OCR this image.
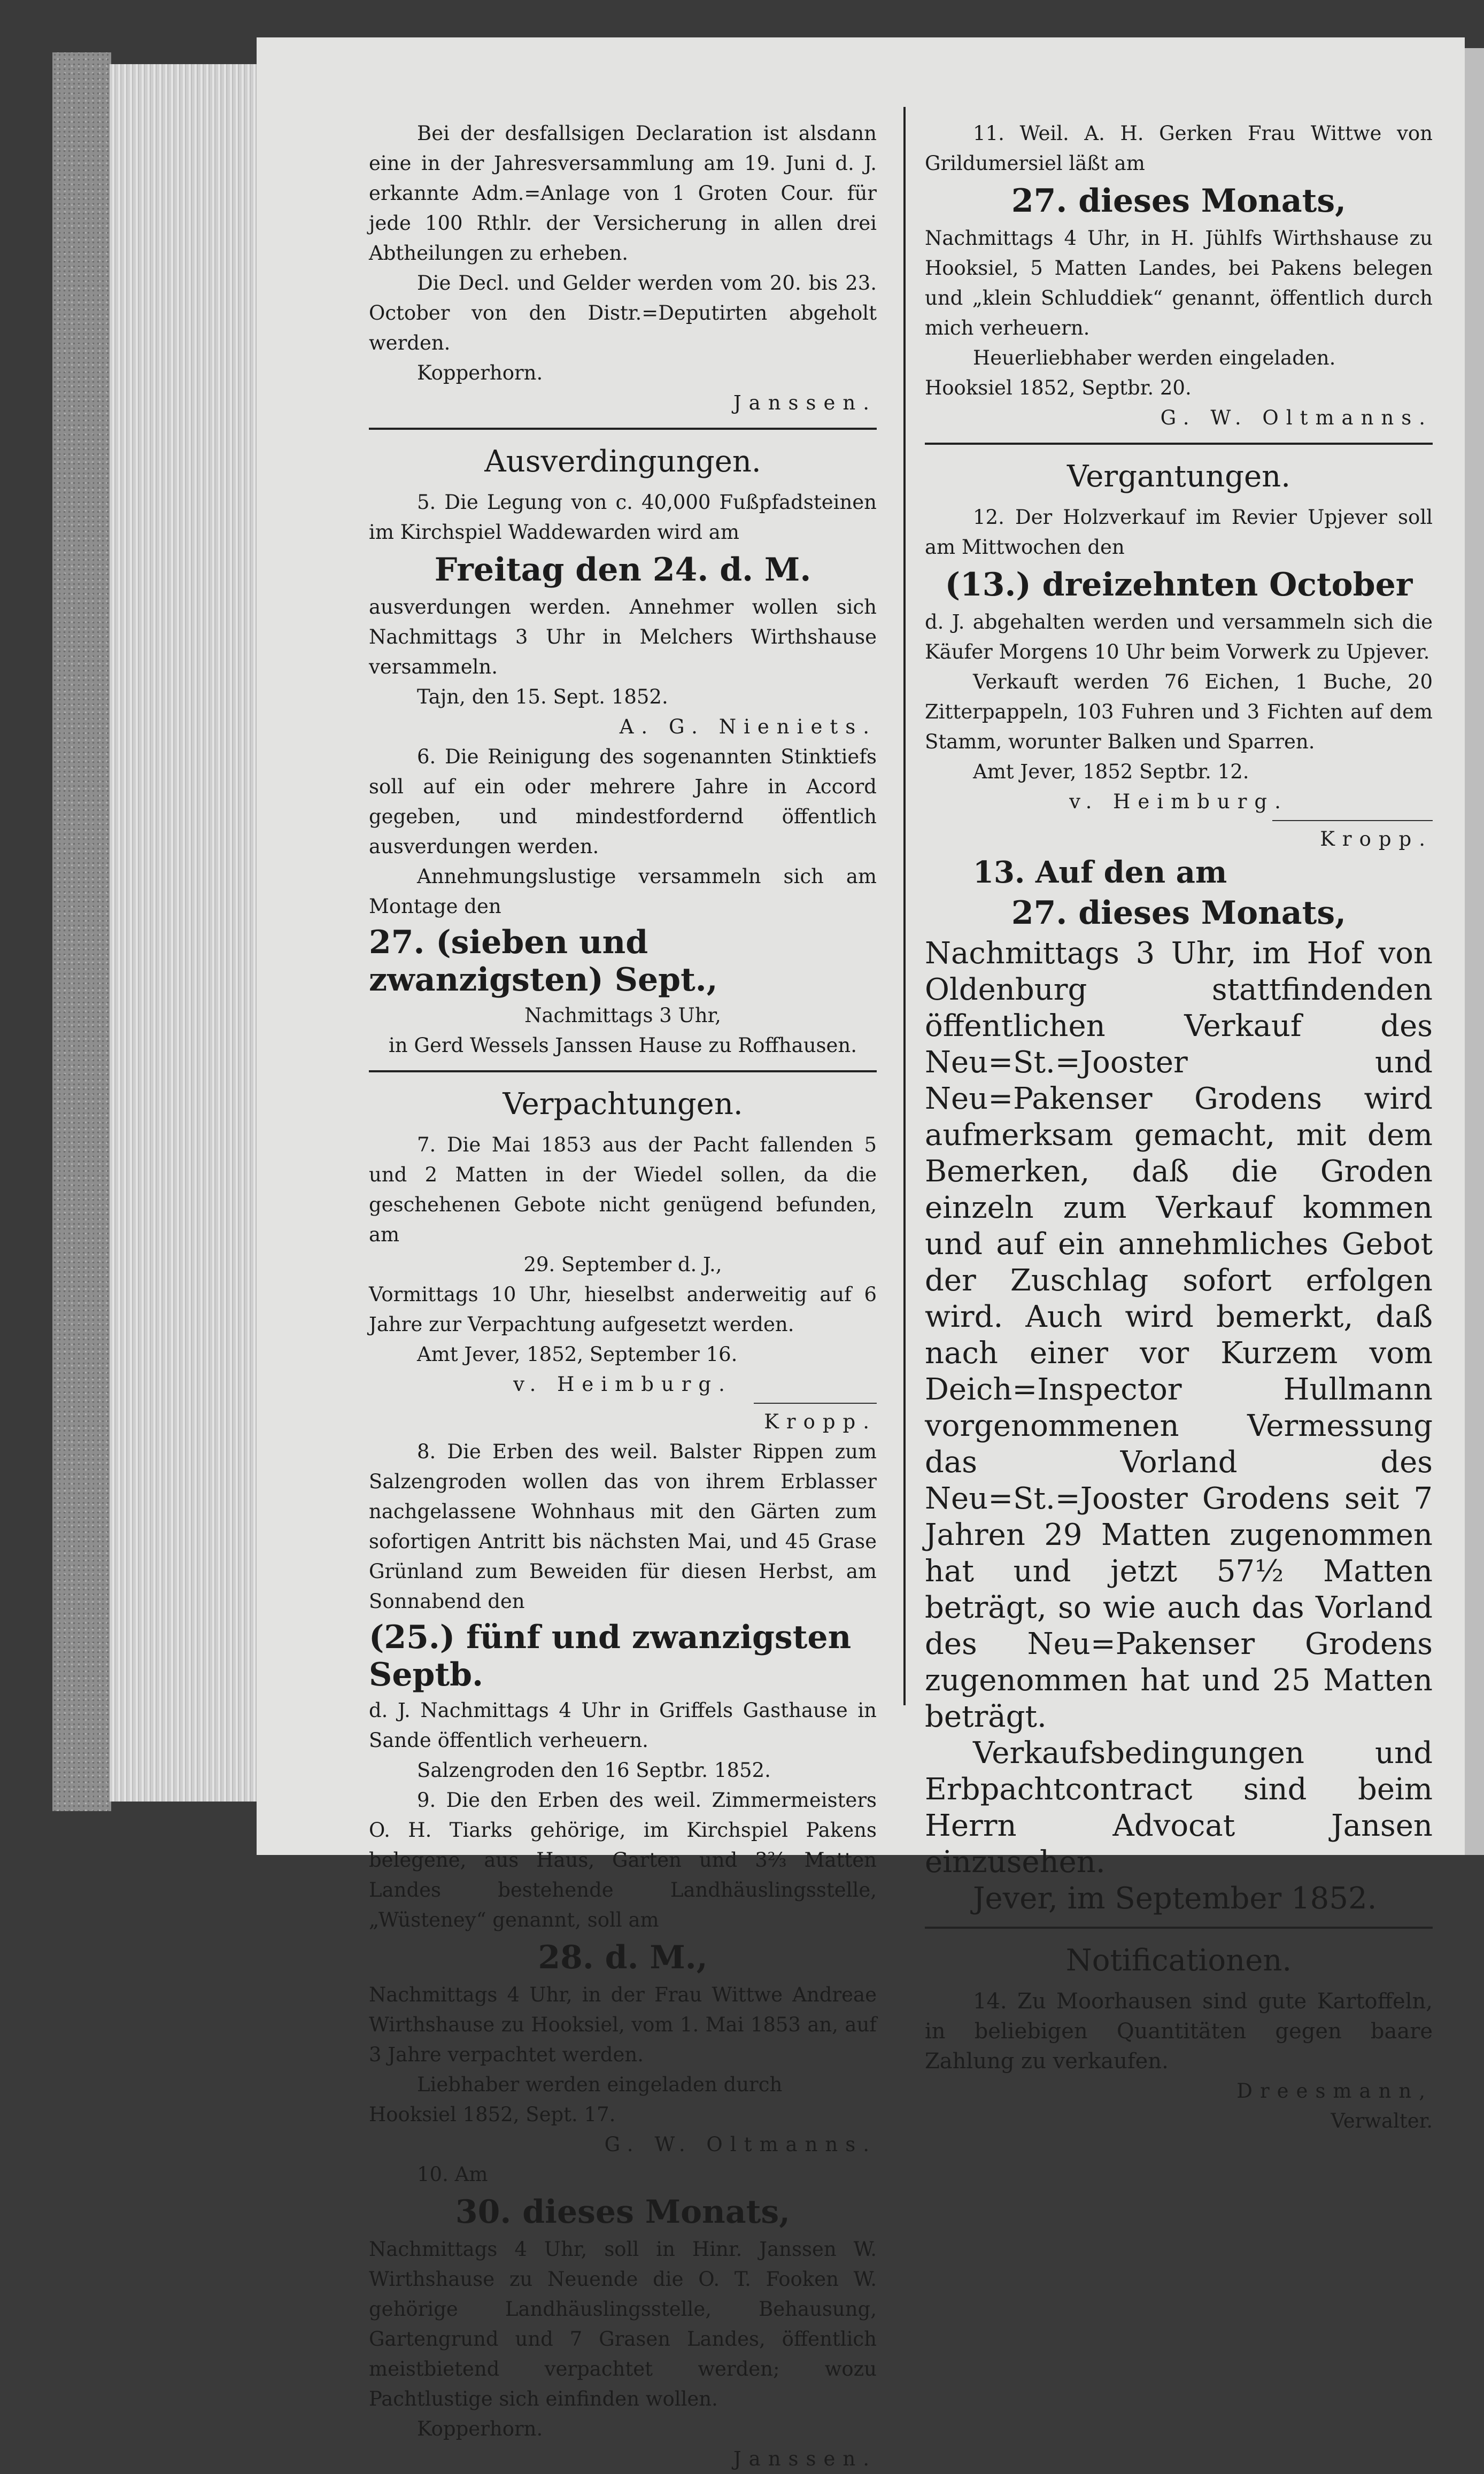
Bei der desfallsigen Declaration ist alsdann eine in der Jahresversammlung am 19. Juni d. J. erkannte Adm.=Anlage von 1 Groten Cour. für jede 100 Rthlr. der Versicherung in allen drei Abtheilungen zu erheben.

Die Decl. und Gelder werden vom 20. bis 23. October von den Distr.=Deputirten abgeholt werden.

Kopperhorn.

Janssen.

Ausverdingungen.

5. Die Legung von c. 40,000 Fußpfadsteinen im Kirchspiel Waddewarden wird am

Freitag den 24. d. M.

ausverdungen werden. Annehmer wollen sich Nachmittags 3 Uhr in Melchers Wirthshause versammeln.

Tajn, den 15. Sept. 1852.

A. G. Nieniets.

6. Die Reinigung des sogenannten Stinktiefs soll auf ein oder mehrere Jahre in Accord gegeben, und mindestfordernd öffentlich ausverdungen werden.

Annehmungslustige versammeln sich am Montage den

27. (sieben und zwanzigsten) Sept.,

Nachmittags 3 Uhr,

in Gerd Wessels Janssen Hause zu Roffhausen.

Verpachtungen.

7. Die Mai 1853 aus der Pacht fallenden 5 und 2 Matten in der Wiedel sollen, da die geschehenen Gebote nicht genügend befunden, am

29. September d. J.,

Vormittags 10 Uhr, hieselbst anderweitig auf 6 Jahre zur Verpachtung aufgesetzt werden.

Amt Jever, 1852, September 16.

v. Heimburg.

Kropp.

8. Die Erben des weil. Balster Rippen zum Salzengroden wollen das von ihrem Erblasser nachgelassene Wohnhaus mit den Gärten zum sofortigen Antritt bis nächsten Mai, und 45 Grase Grünland zum Beweiden für diesen Herbst, am Sonnabend den

(25.) fünf und zwanzigsten Septb.

d. J. Nachmittags 4 Uhr in Griffels Gasthause in Sande öffentlich verheuern.

Salzengroden den 16 Septbr. 1852.

9. Die den Erben des weil. Zimmermeisters O. H. Tiarks gehörige, im Kirchspiel Pakens belegene, aus Haus, Garten und 3⅔ Matten Landes bestehende Landhäuslingsstelle, „Wüsteney“ genannt, soll am

28. d. M.,

Nachmittags 4 Uhr, in der Frau Wittwe Andreae Wirthshause zu Hooksiel, vom 1. Mai 1853 an, auf 3 Jahre verpachtet werden.

Liebhaber werden eingeladen durch

Hooksiel 1852, Sept. 17.

G. W. Oltmanns.

10. Am

30. dieses Monats,

Nachmittags 4 Uhr, soll in Hinr. Janssen W. Wirthshause zu Neuende die O. T. Fooken W. gehörige Landhäuslingsstelle, Behausung, Gartengrund und 7 Grasen Landes, öffentlich meistbietend verpachtet werden; wozu Pachtlustige sich einfinden wollen.

Kopperhorn.

Janssen.

11. Weil. A. H. Gerken Frau Wittwe von Grildumersiel läßt am

27. dieses Monats,

Nachmittags 4 Uhr, in H. Jühlfs Wirthshause zu Hooksiel, 5 Matten Landes, bei Pakens belegen und „klein Schluddiek“ genannt, öffentlich durch mich verheuern.

Heuerliebhaber werden eingeladen.

Hooksiel 1852, Septbr. 20.

G. W. Oltmanns.

Vergantungen.

12. Der Holzverkauf im Revier Upjever soll am Mittwochen den

(13.) dreizehnten October

d. J. abgehalten werden und versammeln sich die Käufer Morgens 10 Uhr beim Vorwerk zu Upjever.

Verkauft werden 76 Eichen, 1 Buche, 20 Zitterpappeln, 103 Fuhren und 3 Fichten auf dem Stamm, worunter Balken und Sparren.

Amt Jever, 1852 Septbr. 12.

v. Heimburg.

Kropp.

13. Auf den am

27. dieses Monats,

Nachmittags 3 Uhr, im Hof von Oldenburg stattfindenden öffentlichen Verkauf des Neu=St.=Jooster und Neu=Pakenser Grodens wird aufmerksam gemacht, mit dem Bemerken, daß die Groden einzeln zum Verkauf kommen und auf ein annehmliches Gebot der Zuschlag sofort erfolgen wird. Auch wird bemerkt, daß nach einer vor Kurzem vom Deich=Inspector Hullmann vorgenommenen Vermessung das Vorland des Neu=St.=Jooster Grodens seit 7 Jahren 29 Matten zugenommen hat und jetzt 57½ Matten beträgt, so wie auch das Vorland des Neu=Pakenser Grodens zugenommen hat und 25 Matten beträgt.

Verkaufsbedingungen und Erbpachtcontract sind beim Herrn Advocat Jansen einzusehen.

Jever, im September 1852.

Notificationen.

14. Zu Moorhausen sind gute Kartoffeln, in beliebigen Quantitäten gegen baare Zahlung zu verkaufen.

Dreesmann,

Verwalter.
